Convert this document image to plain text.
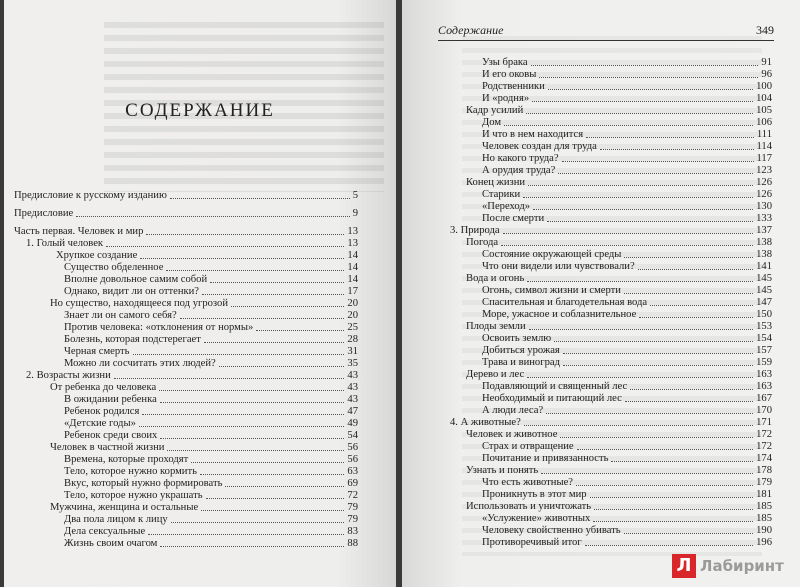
СОДЕРЖАНИЕ
Предисловие к русскому изданию	5
Предисловие	9
Часть первая. Человек и мир	13
1. Голый человек	13
Хрупкое создание	14
Существо обделенное	14
Вполне довольное самим собой	14
Однако, видит ли он оттенки?	17
Но существо, находящееся под угрозой	20
Знает ли он самого себя?	20
Против человека: «отклонения от нормы»	25
Болезнь, которая подстерегает	28
Черная смерть	31
Можно ли сосчитать этих людей?	35
2. Возрасты жизни	43
От ребенка до человека	43
В ожидании ребенка	43
Ребенок родился	47
«Детские годы»	49
Ребенок среди своих	54
Человек в частной жизни	56
Времена, которые проходят	56
Тело, которое нужно кормить	63
Вкус, который нужно формировать	69
Тело, которое нужно украшать	72
Мужчина, женщина и остальные	79
Два пола лицом к лицу	79
Дела сексуальные	83
Жизнь своим очагом	88
Содержание	349
Узы брака	91
И его оковы	96
Родственники	100
И «родня»	104
Кадр усилий	105
Дом	106
И что в нем находится	111
Человек создан для труда	114
Но какого труда?	117
А орудия труда?	123
Конец жизни	126
Старики	126
«Переход»	130
После смерти	133
3. Природа	137
Погода	138
Состояние окружающей среды	138
Что они видели или чувствовали?	141
Вода и огонь	145
Огонь, символ жизни и смерти	145
Спасительная и благодетельная вода	147
Море, ужасное и соблазнительное	150
Плоды земли	153
Освоить землю	154
Добиться урожая	157
Трава и виноград	159
Дерево и лес	163
Подавляющий и священный лес	163
Необходимый и питающий лес	167
А люди леса?	170
4. А животные?	171
Человек и животное	172
Страх и отвращение	172
Почитание и привязанность	174
Узнать и понять	178
Что есть животные?	179
Проникнуть в этот мир	181
Использовать и уничтожать	185
«Услужение» животных	185
Человеку свойственно убивать	190
Противоречивый итог	196
Л Лабиринт
